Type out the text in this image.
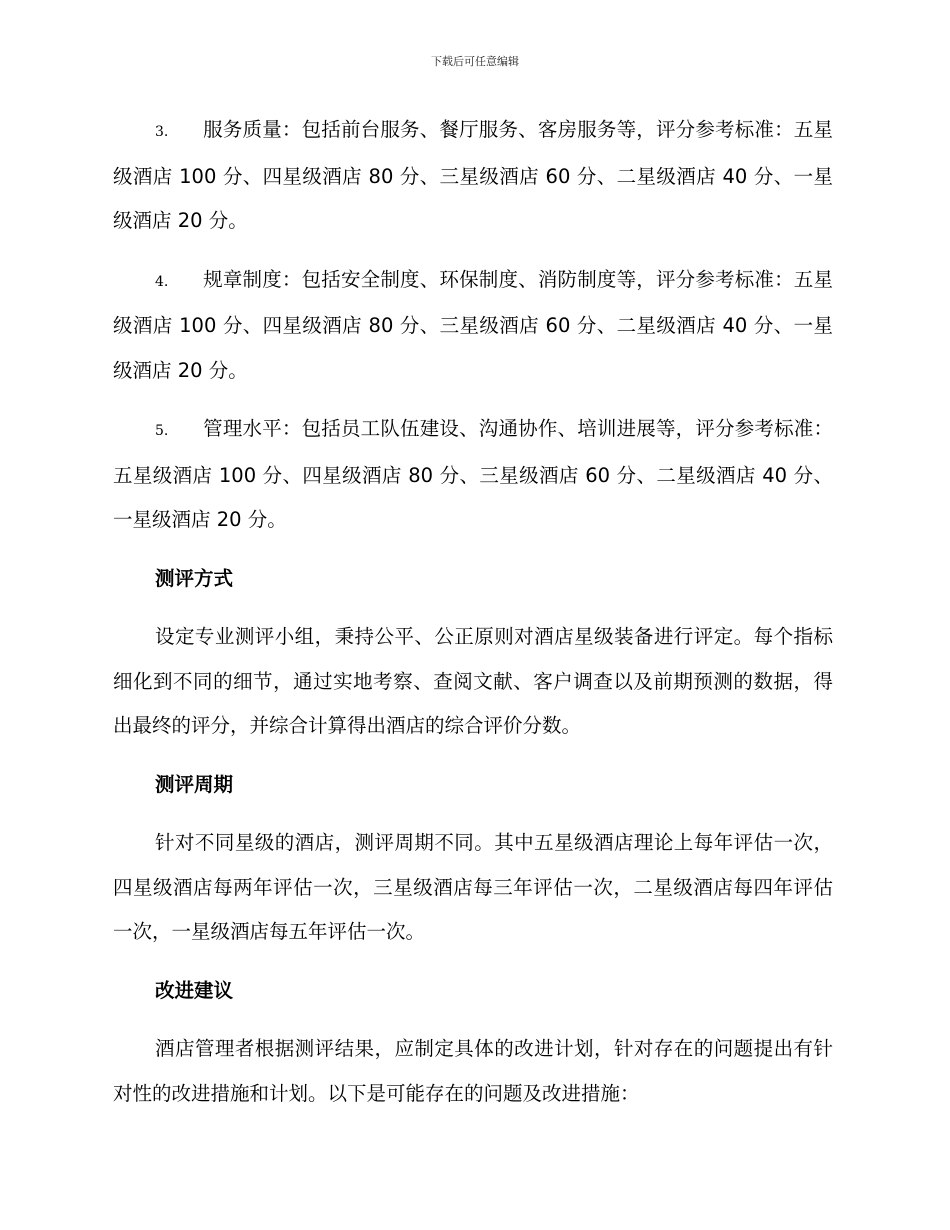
下载后可任意编辑

3. 服务质量：包括前台服务、餐厅服务、客房服务等，评分参考标准：五星级酒店 100 分、四星级酒店 80 分、三星级酒店 60 分、二星级酒店 40 分、一星级酒店 20 分。

4. 规章制度：包括安全制度、环保制度、消防制度等，评分参考标准：五星级酒店 100 分、四星级酒店 80 分、三星级酒店 60 分、二星级酒店 40 分、一星级酒店 20 分。

5. 管理水平：包括员工队伍建设、沟通协作、培训进展等，评分参考标准：五星级酒店 100 分、四星级酒店 80 分、三星级酒店 60 分、二星级酒店 40 分、一星级酒店 20 分。

测评方式

设定专业测评小组，秉持公平、公正原则对酒店星级装备进行评定。每个指标细化到不同的细节，通过实地考察、查阅文献、客户调查以及前期预测的数据，得出最终的评分，并综合计算得出酒店的综合评价分数。

测评周期

针对不同星级的酒店，测评周期不同。其中五星级酒店理论上每年评估一次，四星级酒店每两年评估一次，三星级酒店每三年评估一次，二星级酒店每四年评估一次，一星级酒店每五年评估一次。

改进建议

酒店管理者根据测评结果，应制定具体的改进计划，针对存在的问题提出有针对性的改进措施和计划。以下是可能存在的问题及改进措施：
